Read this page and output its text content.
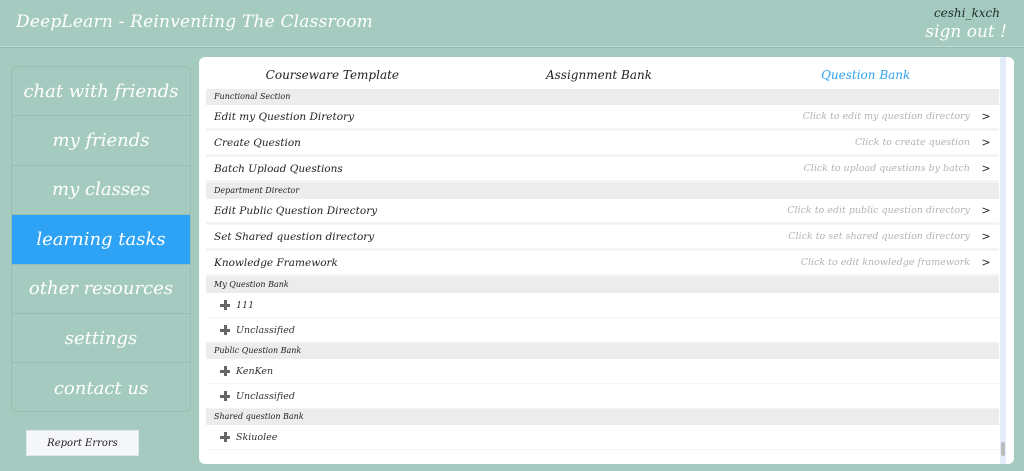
DeepLearn - Reinventing The Classroom	ceshi_kxch
sign out !
chat with friends
my friends
my classes
learning tasks
other resources
settings
contact us
Report Errors
Courseware Template	Assignment Bank	Question Bank
Functional Section
Edit my Question Diretory	Click to edit my question directory >
Create Question	Click to create question >
Batch Upload Questions	Click to upload questions by batch >
Department Director
Edit Public Question Directory	Click to edit public question directory >
Set Shared question directory	Click to set shared question directory >
Knowledge Framework	Click to edit knowledge framework >
My Question Bank
111
Unclassified
Public Question Bank
KenKen
Unclassified
Shared question Bank
Skiuolee
